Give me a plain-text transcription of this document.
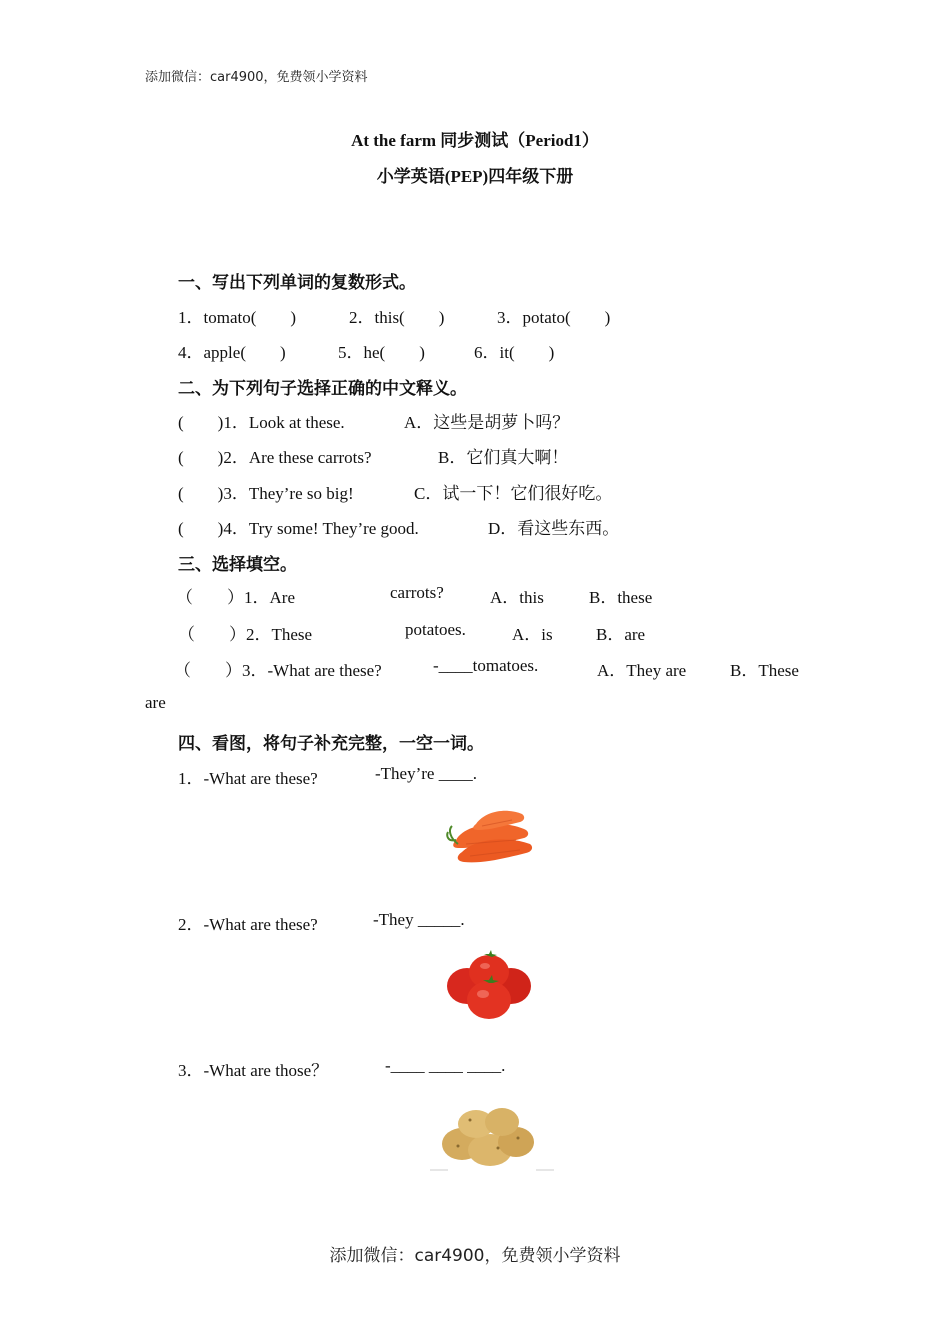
添加微信：car4900，免费领小学资料
At the farm 同步测试（Period1）
小学英语(PEP)四年级下册
一、写出下列单词的复数形式。
1．tomato(　　)	2．this(　　)	3．potato(　　)
4．apple(　　)	5．he(　　)	6．it(　　)
二、为下列句子选择正确的中文释义。
(　　)1．Look at these.	A．这些是胡萝卜吗？
(　　)2．Are these carrots?	B．它们真大啊！
(　　)3．They’re so big!	C．试一下！它们很好吃。
(　　)4．Try some! They’re good.	D．看这些东西。
三、选择填空。
（　　）1．Are	carrots?	A．this	B．these
（　　）2．These	potatoes.	A．is	B．are
（　　）3．-What are these?	-____tomatoes.	A．They are	B．These
are
四、看图，将句子补充完整，一空一词。
1．-What are these?	-They’re ____.
2．-What are these?	-They _____.
3．-What are those？	-____ ____ ____.
添加微信：car4900，免费领小学资料
